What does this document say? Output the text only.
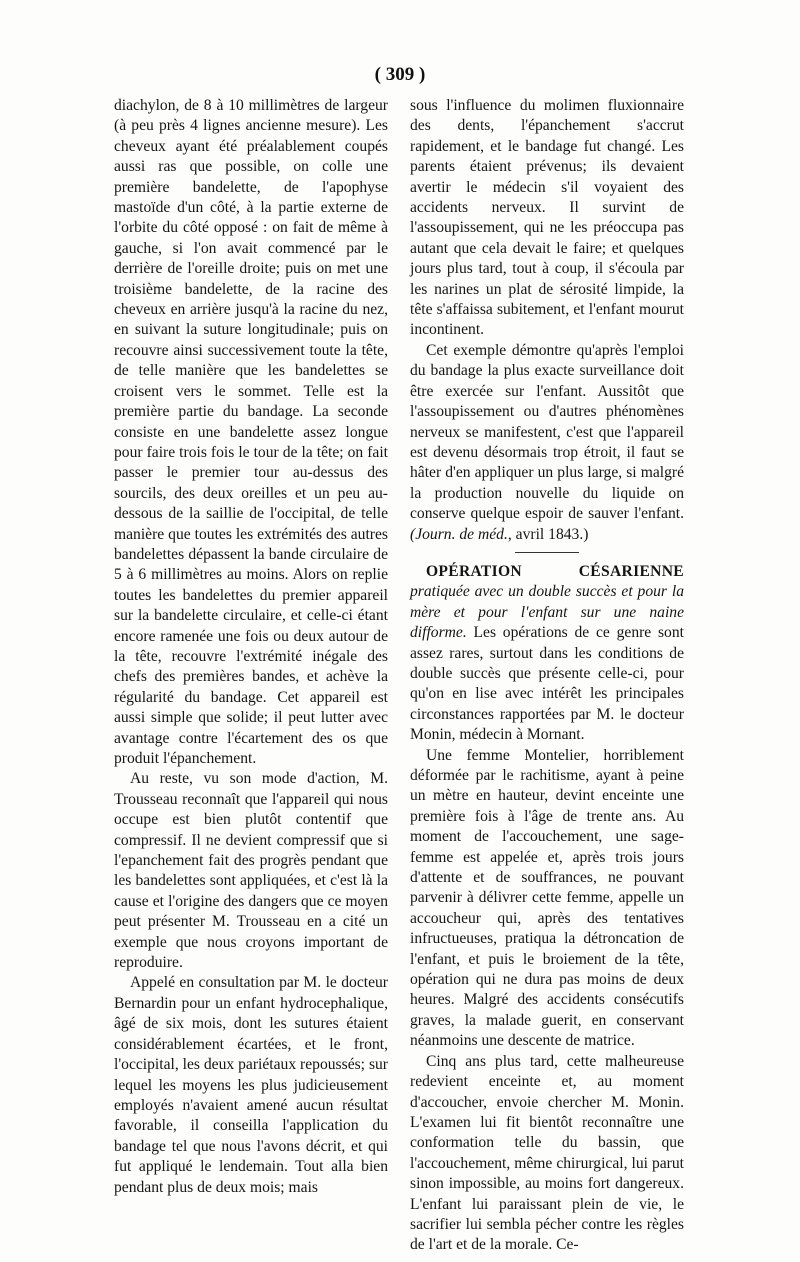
( 309 )

diachylon, de 8 à 10 millimètres de largeur (à peu près 4 lignes ancienne mesure). Les cheveux ayant été préalablement coupés aussi ras que possible, on colle une première bandelette, de l'apophyse mastoïde d'un côté, à la partie externe de l'orbite du côté opposé : on fait de même à gauche, si l'on avait commencé par le derrière de l'oreille droite; puis on met une troisième bandelette, de la racine des cheveux en arrière jusqu'à la racine du nez, en suivant la suture longitudinale; puis on recouvre ainsi successivement toute la tête, de telle manière que les bandelettes se croisent vers le sommet. Telle est la première partie du bandage. La seconde consiste en une bandelette assez longue pour faire trois fois le tour de la tête; on fait passer le premier tour au-dessus des sourcils, des deux oreilles et un peu au-dessous de la saillie de l'occipital, de telle manière que toutes les extrémités des autres bandelettes dépassent la bande circulaire de 5 à 6 millimètres au moins. Alors on replie toutes les bandelettes du premier appareil sur la bandelette circulaire, et celle-ci étant encore ramenée une fois ou deux autour de la tête, recouvre l'extrémité inégale des chefs des premières bandes, et achève la régularité du bandage. Cet appareil est aussi simple que solide; il peut lutter avec avantage contre l'écartement des os que produit l'épanchement.

Au reste, vu son mode d'action, M. Trousseau reconnaît que l'appareil qui nous occupe est bien plutôt contentif que compressif. Il ne devient compressif que si l'epanchement fait des progrès pendant que les bandelettes sont appliquées, et c'est là la cause et l'origine des dangers que ce moyen peut présenter M. Trousseau en a cité un exemple que nous croyons important de reproduire.

Appelé en consultation par M. le docteur Bernardin pour un enfant hydrocephalique, âgé de six mois, dont les sutures étaient considérablement écartées, et le front, l'occipital, les deux pariétaux repoussés; sur lequel les moyens les plus judicieusement employés n'avaient amené aucun résultat favorable, il conseilla l'application du bandage tel que nous l'avons décrit, et qui fut appliqué le lendemain. Tout alla bien pendant plus de deux mois; mais

sous l'influence du molimen fluxionnaire des dents, l'épanchement s'accrut rapidement, et le bandage fut changé. Les parents étaient prévenus; ils devaient avertir le médecin s'il voyaient des accidents nerveux. Il survint de l'assoupissement, qui ne les préoccupa pas autant que cela devait le faire; et quelques jours plus tard, tout à coup, il s'écoula par les narines un plat de sérosité limpide, la tête s'affaissa subitement, et l'enfant mourut incontinent.

Cet exemple démontre qu'après l'emploi du bandage la plus exacte surveillance doit être exercée sur l'enfant. Aussitôt que l'assoupissement ou d'autres phénomènes nerveux se manifestent, c'est que l'appareil est devenu désormais trop étroit, il faut se hâter d'en appliquer un plus large, si malgré la production nouvelle du liquide on conserve quelque espoir de sauver l'enfant. (Journ. de méd., avril 1843.)

OPÉRATION CÉSARIENNE pratiquée avec un double succès et pour la mère et pour l'enfant sur une naine difforme. Les opérations de ce genre sont assez rares, surtout dans les conditions de double succès que présente celle-ci, pour qu'on en lise avec intérêt les principales circonstances rapportées par M. le docteur Monin, médecin à Mornant.

Une femme Montelier, horriblement déformée par le rachitisme, ayant à peine un mètre en hauteur, devint enceinte une première fois à l'âge de trente ans. Au moment de l'accouchement, une sage-femme est appelée et, après trois jours d'attente et de souffrances, ne pouvant parvenir à délivrer cette femme, appelle un accoucheur qui, après des tentatives infructueuses, pratiqua la détroncation de l'enfant, et puis le broiement de la tête, opération qui ne dura pas moins de deux heures. Malgré des accidents consécutifs graves, la malade guerit, en conservant néanmoins une descente de matrice.

Cinq ans plus tard, cette malheureuse redevient enceinte et, au moment d'accoucher, envoie chercher M. Monin. L'examen lui fit bientôt reconnaître une conformation telle du bassin, que l'accouchement, même chirurgical, lui parut sinon impossible, au moins fort dangereux. L'enfant lui paraissant plein de vie, le sacrifier lui sembla pécher contre les règles de l'art et de la morale. Ce-
